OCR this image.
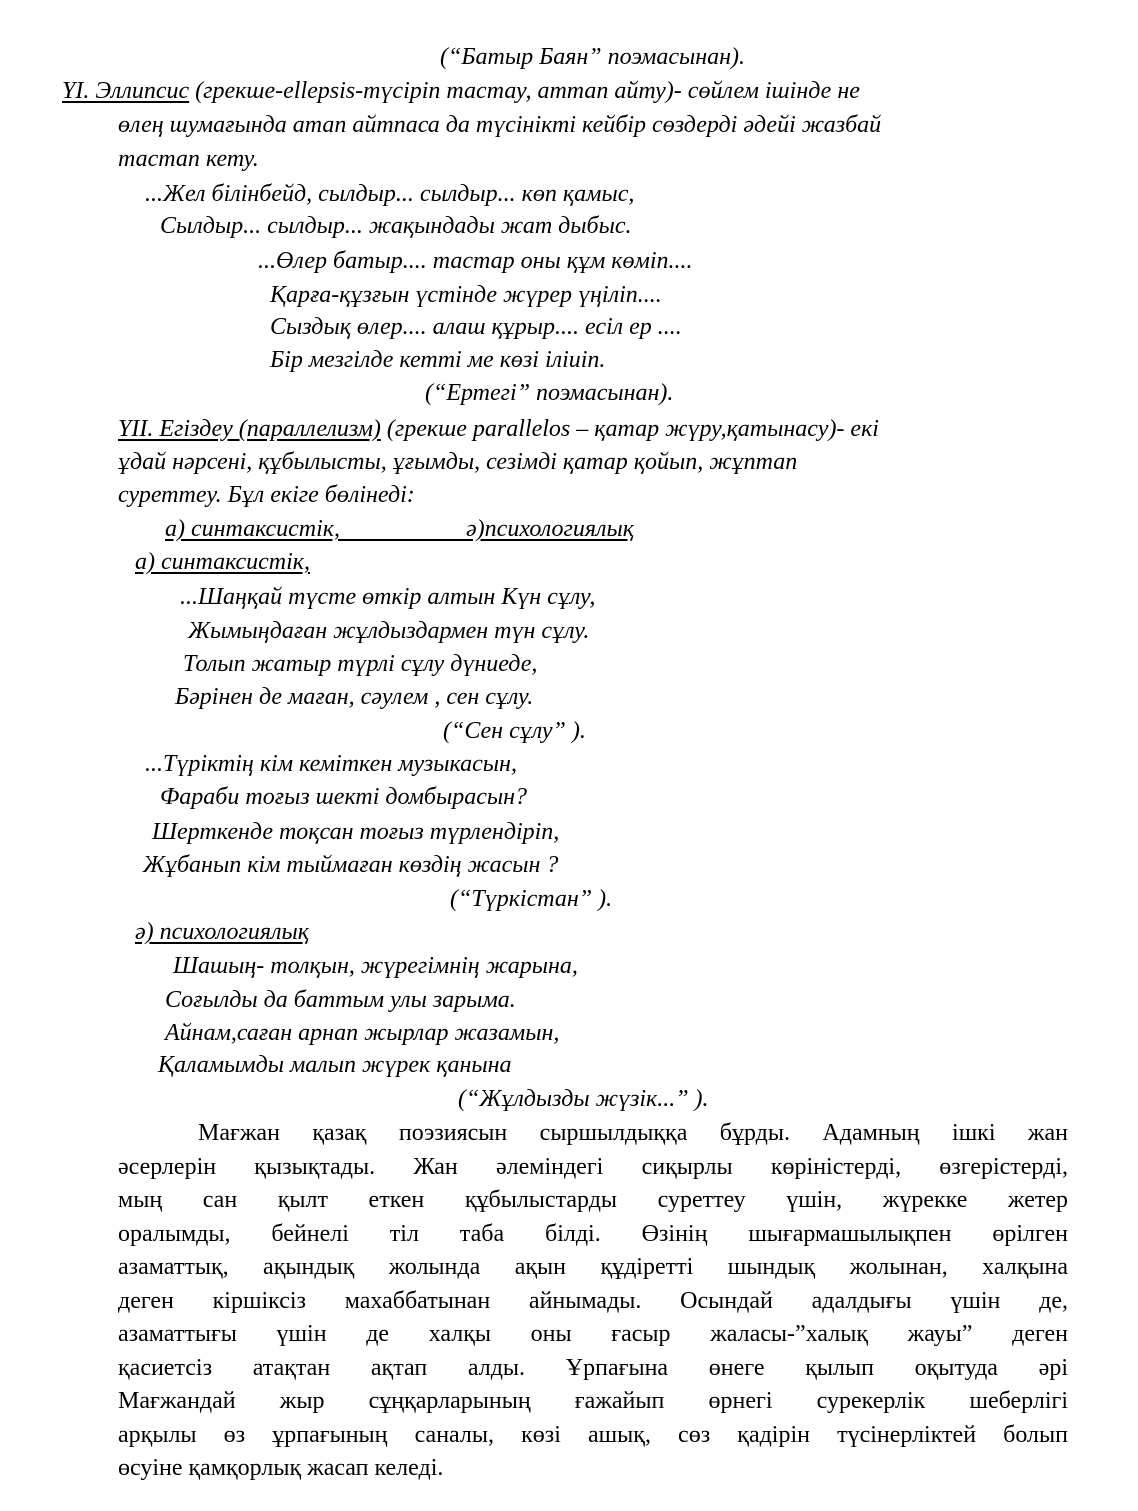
(“Батыр Баян” поэмасынан).
YI. Эллипсис (грекше-ellepsis-түсіріп тастау, аттап айту)- сөйлем ішінде не
өлең шумағында атап айтпаса да түсінікті кейбір сөздерді әдейі жазбай
тастап кету.
...Жел білінбейд, сылдыр... сылдыр... көп қамыс,
Сылдыр... сылдыр... жақындады жат дыбыс.
...Өлер батыр.... тастар оны құм көміп....
Қарға-құзғын үстінде жүрер үңіліп....
Сыздық өлер.... алаш құрыр.... есіл ер ....
Бір мезгілде кетті ме көзі іліиіп.
(“Ертегі” поэмасынан).
YII. Егіздеу (параллелизм) (грекше parallelos – қатар жүру,қатынасу)- екі
ұдай нәрсені, құбылысты, ұғымды, сезімді қатар қойып, жұптап
суреттеу. Бұл екіге бөлінеді:
а) синтаксистік,                     ә)психологиялық
а) синтаксистік,
...Шаңқай түсте өткір алтын Күн сұлу,
Жымыңдаған жұлдыздармен түн сұлу.
Толып жатыр түрлі сұлу дүниеде,
Бәрінен де маған, сәулем , сен сұлу.
(“Сен сұлу” ).
...Түріктің кім кеміткен музыкасын,
Фараби тоғыз шекті домбырасын?
Шерткенде тоқсан тоғыз түрлендіріп,
Жұбанып кім тыймаған көздің жасын ?
(“Түркістан” ).
ә) психологиялық
Шашың- толқын, жүрегімнің жарына,
Соғылды да баттым улы зарыма.
Айнам,саған арнап жырлар жазамын,
Қаламымды малып жүрек қанына
(“Жұлдызды жүзік...” ).
Мағжан қазақ поэзиясын сыршылдыққа бұрды. Адамның ішкі жан
әсерлерін қызықтады. Жан әлеміндегі сиқырлы көріністерді, өзгерістерді,
мың сан қылт еткен құбылыстарды суреттеу үшін, жүрекке жетер
оралымды, бейнелі тіл таба білді. Өзінің шығармашылықпен өрілген
азаматтық, ақындық жолында ақын құдіретті шындық жолынан, халқына
деген кіршіксіз махаббатынан айнымады. Осындай адалдығы үшін де,
азаматтығы үшін де халқы оны ғасыр жаласы-”халық жауы” деген
қасиетсіз атақтан ақтап алды. Ұрпағына өнеге қылып оқытуда әрі
Мағжандай жыр сұңқарларының ғажайып өрнегі сурекерлік шеберлігі
арқылы өз ұрпағының саналы, көзі ашық, сөз қадірін түсінерліктей болып
өсуіне қамқорлық жасап келеді.
